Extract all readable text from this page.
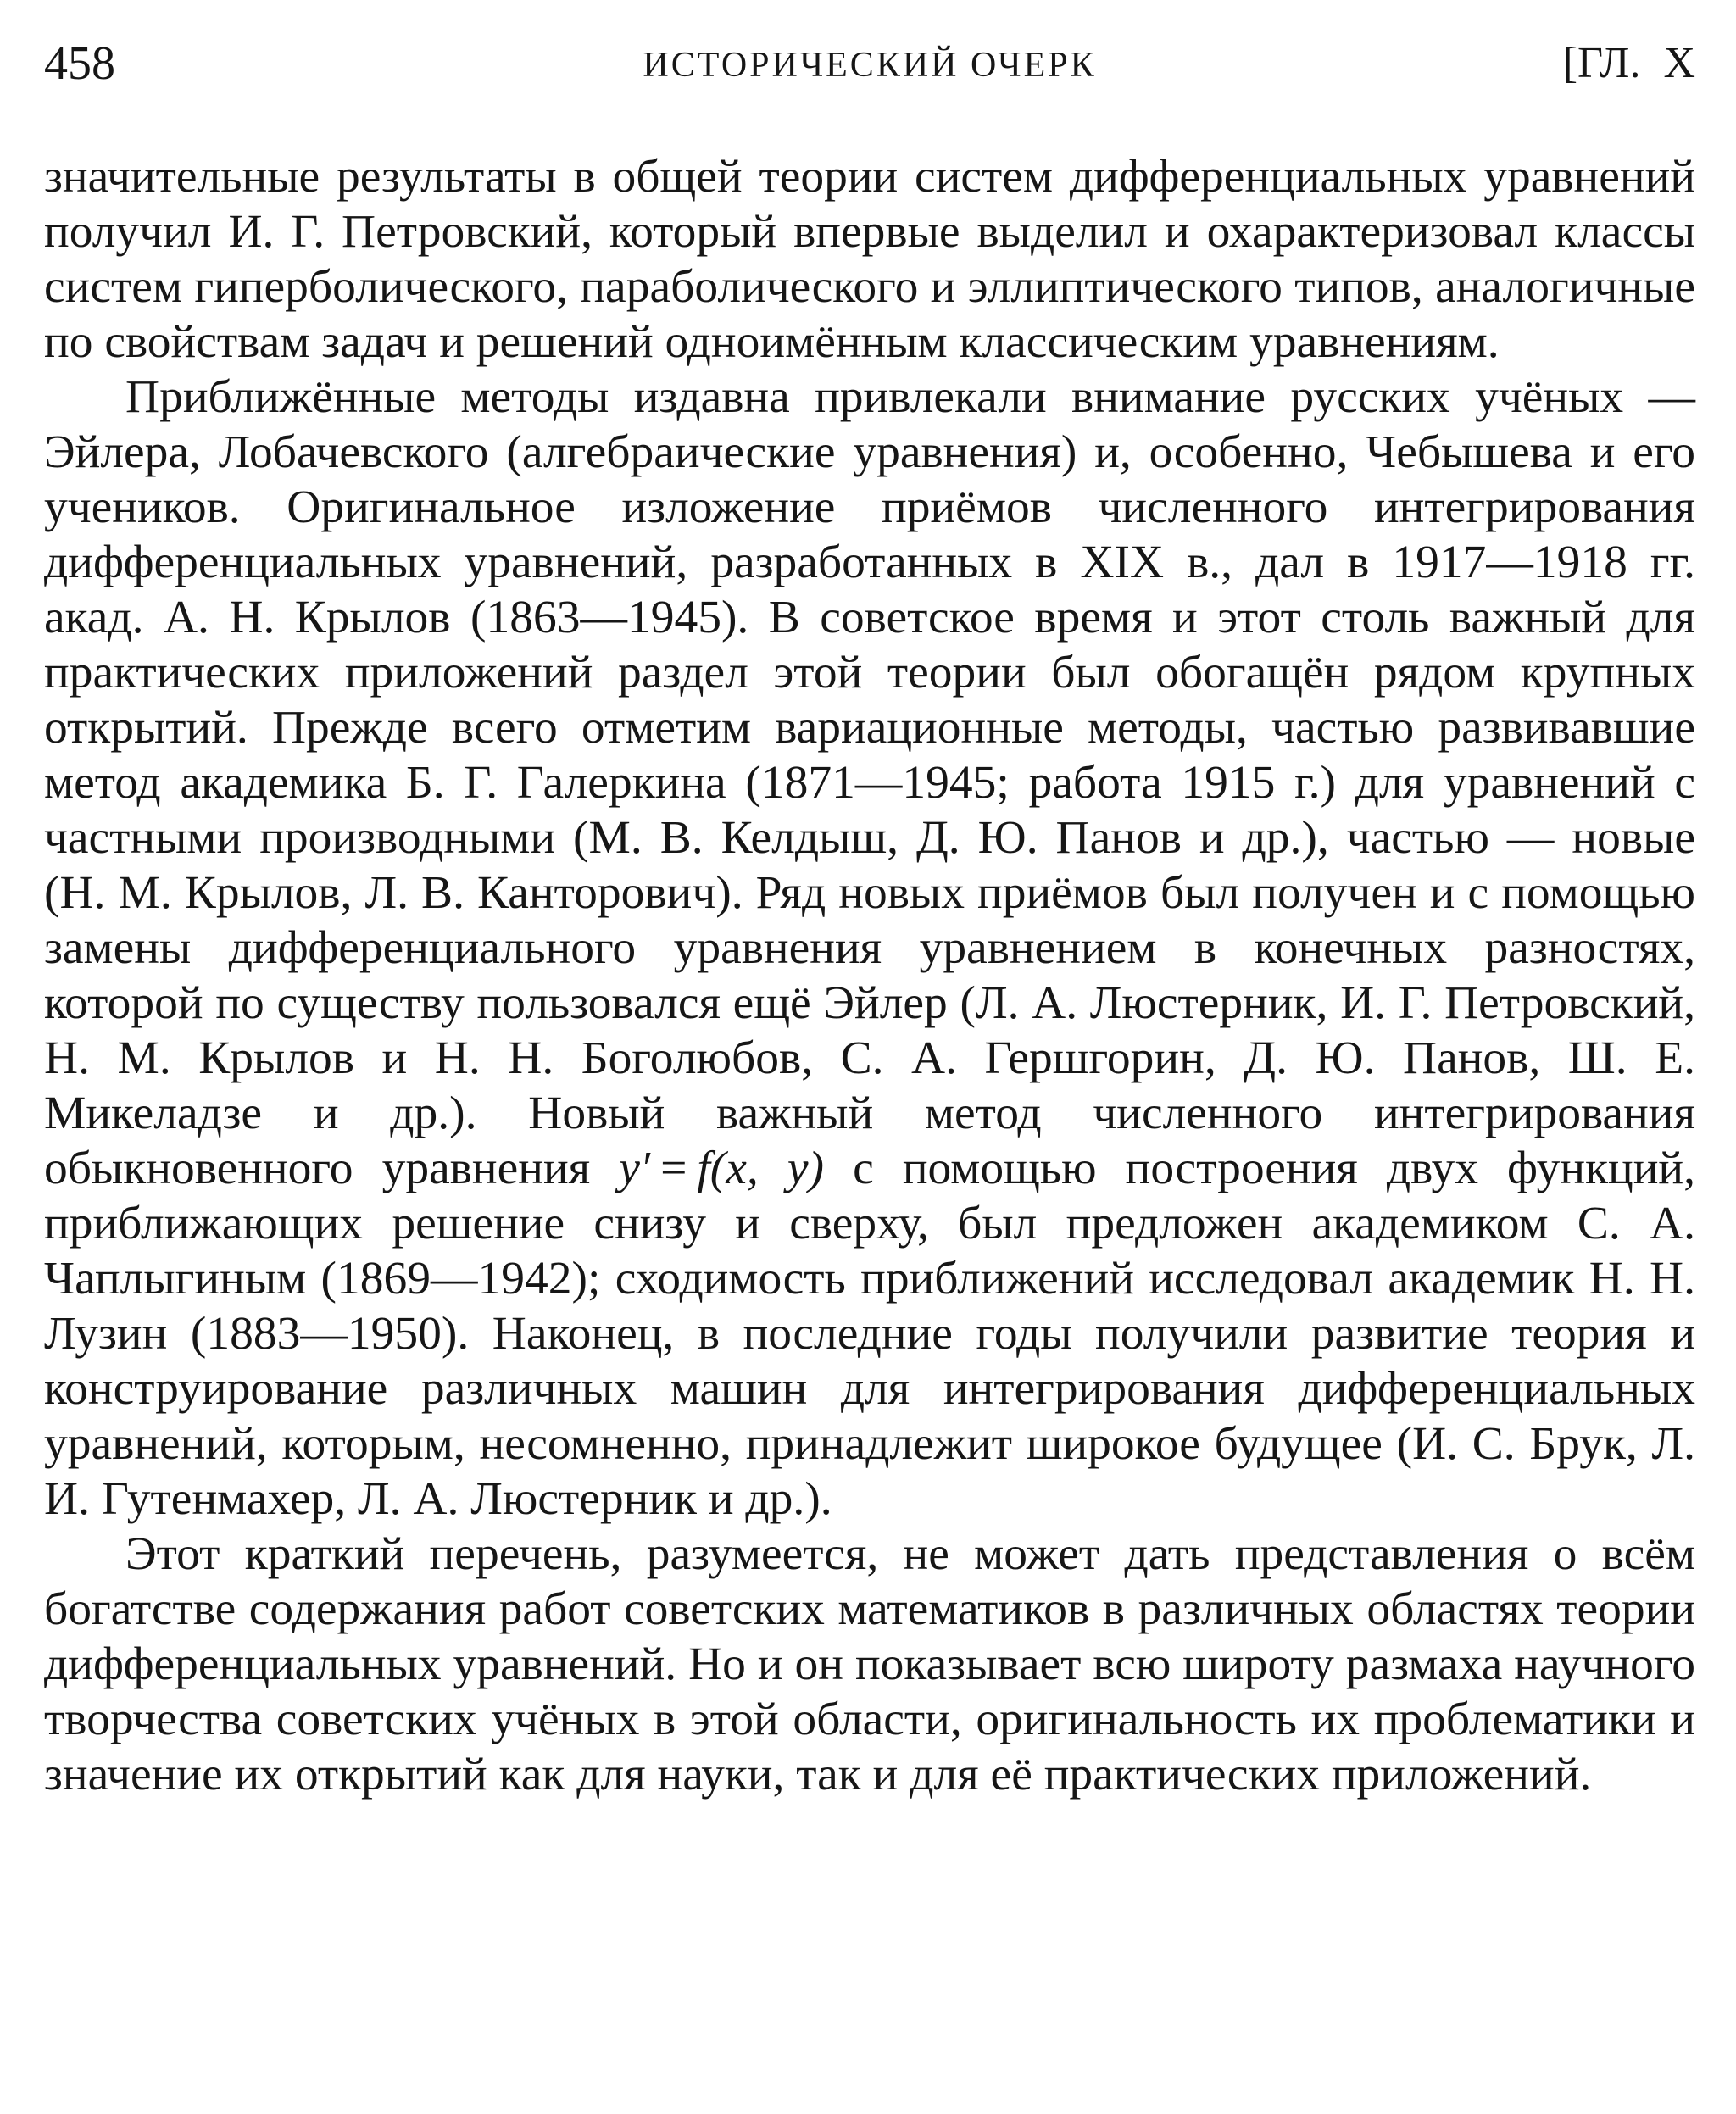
458	ИСТОРИЧЕСКИЙ ОЧЕРК	[ГЛ. X

значительные результаты в общей теории систем дифференциальных уравнений получил И. Г. Петровский, который впервые выделил и охарактеризовал классы систем гиперболического, параболического и эллиптического типов, аналогичные по свойствам задач и решений одноимённым классическим уравнениям.

Приближённые методы издавна привлекали внимание русских учёных — Эйлера, Лобачевского (алгебраические уравнения) и, особенно, Чебышева и его учеников. Оригинальное изложение приёмов численного интегрирования дифференциальных уравнений, разработанных в XIX в., дал в 1917—1918 гг. акад. А. Н. Крылов (1863—1945). В советское время и этот столь важный для практических приложений раздел этой теории был обогащён рядом крупных открытий. Прежде всего отметим вариационные методы, частью развивавшие метод академика Б. Г. Галеркина (1871—1945; работа 1915 г.) для уравнений с частными производными (М. В. Келдыш, Д. Ю. Панов и др.), частью — новые (Н. М. Крылов, Л. В. Канторович). Ряд новых приёмов был получен и с помощью замены дифференциального уравнения уравнением в конечных разностях, которой по существу пользовался ещё Эйлер (Л. А. Люстерник, И. Г. Петровский, Н. М. Крылов и Н. Н. Боголюбов, С. А. Гершгорин, Д. Ю. Панов, Ш. Е. Микеладзе и др.). Новый важный метод численного интегрирования обыкновенного уравнения y′ = f(x, y) с помощью построения двух функций, приближающих решение снизу и сверху, был предложен академиком С. А. Чаплыгиным (1869—1942); сходимость приближений исследовал академик Н. Н. Лузин (1883—1950). Наконец, в последние годы получили развитие теория и конструирование различных машин для интегрирования дифференциальных уравнений, которым, несомненно, принадлежит широкое будущее (И. С. Брук, Л. И. Гутенмахер, Л. А. Люстерник и др.).

Этот краткий перечень, разумеется, не может дать представления о всём богатстве содержания работ советских математиков в различных областях теории дифференциальных уравнений. Но и он показывает всю широту размаха научного творчества советских учёных в этой области, оригинальность их проблематики и значение их открытий как для науки, так и для её практических приложений.
